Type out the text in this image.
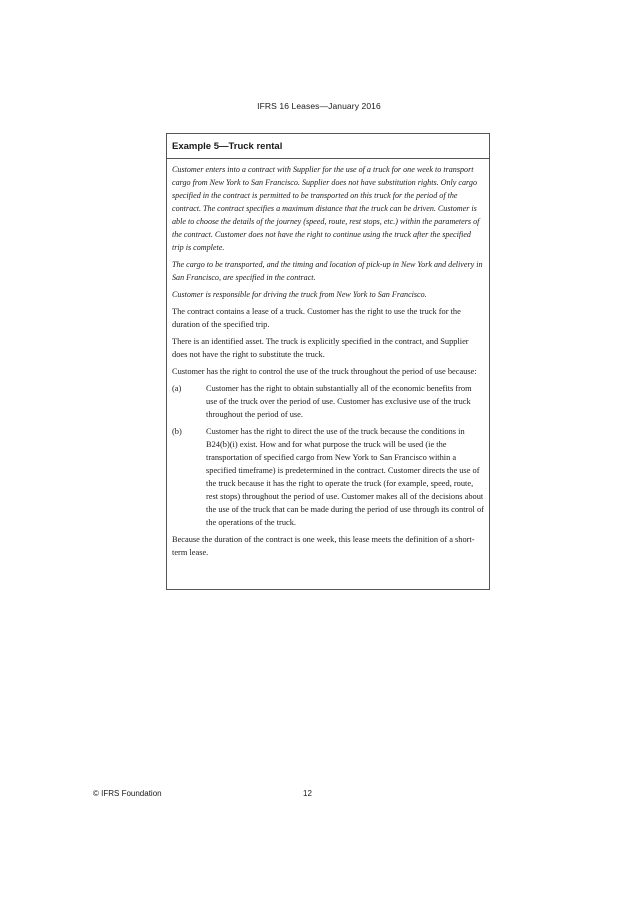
IFRS 16 Leases—January 2016
Example 5—Truck rental

Customer enters into a contract with Supplier for the use of a truck for one week to transport cargo from New York to San Francisco. Supplier does not have substitution rights. Only cargo specified in the contract is permitted to be transported on this truck for the period of the contract. The contract specifies a maximum distance that the truck can be driven. Customer is able to choose the details of the journey (speed, route, rest stops, etc.) within the parameters of the contract. Customer does not have the right to continue using the truck after the specified trip is complete.

The cargo to be transported, and the timing and location of pick-up in New York and delivery in San Francisco, are specified in the contract.

Customer is responsible for driving the truck from New York to San Francisco.

The contract contains a lease of a truck. Customer has the right to use the truck for the duration of the specified trip.

There is an identified asset. The truck is explicitly specified in the contract, and Supplier does not have the right to substitute the truck.

Customer has the right to control the use of the truck throughout the period of use because:

(a)	Customer has the right to obtain substantially all of the economic benefits from use of the truck over the period of use. Customer has exclusive use of the truck throughout the period of use.
(b)	Customer has the right to direct the use of the truck because the conditions in B24(b)(i) exist. How and for what purpose the truck will be used (ie the transportation of specified cargo from New York to San Francisco within a specified timeframe) is predetermined in the contract. Customer directs the use of the truck because it has the right to operate the truck (for example, speed, route, rest stops) throughout the period of use. Customer makes all of the decisions about the use of the truck that can be made during the period of use through its control of the operations of the truck.

Because the duration of the contract is one week, this lease meets the definition of a short-term lease.

© IFRS Foundation	12
